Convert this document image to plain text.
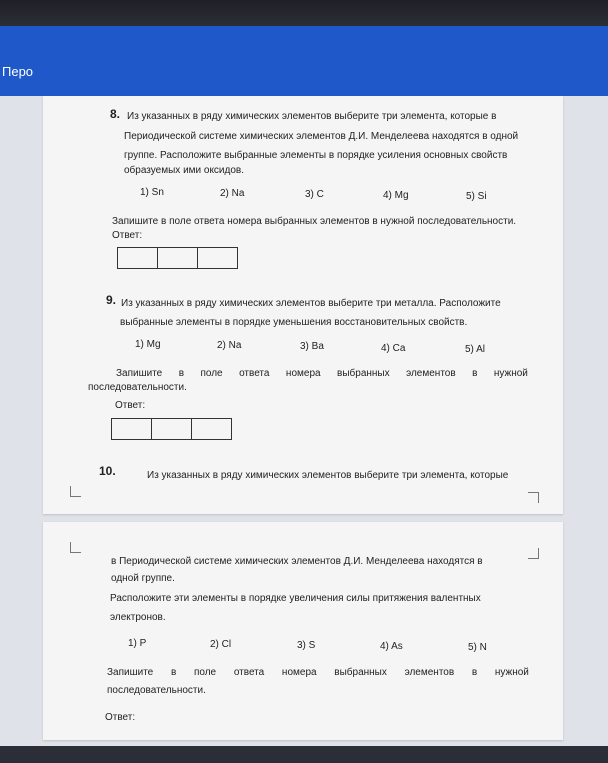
Перо
8. Из указанных в ряду химических элементов выберите три элемента, которые в
Периодической системе химических элементов Д.И. Менделеева находятся в одной
группе. Расположите выбранные элементы в порядке усиления основных свойств
образуемых ими оксидов.
1) Sn	2) Na	3) C	4) Mg	5) Si
Запишите в поле ответа номера выбранных элементов в нужной последовательности.
Ответ:
9. Из указанных в ряду химических элементов выберите три металла. Расположите
выбранные элементы в порядке уменьшения восстановительных свойств.
1) Mg	2) Na	3) Ba	4) Ca	5) Al
Запишите в поле ответа номера выбранных элементов в нужной
последовательности.
Ответ:
10.	Из указанных в ряду химических элементов выберите три элемента, которые
в Периодической системе химических элементов Д.И. Менделеева находятся в
одной группе.
Расположите эти элементы в порядке увеличения силы притяжения валентных
электронов.
1) P	2) Cl	3) S	4) As	5) N
Запишите в поле ответа номера выбранных элементов в нужной
последовательности.
Ответ:
